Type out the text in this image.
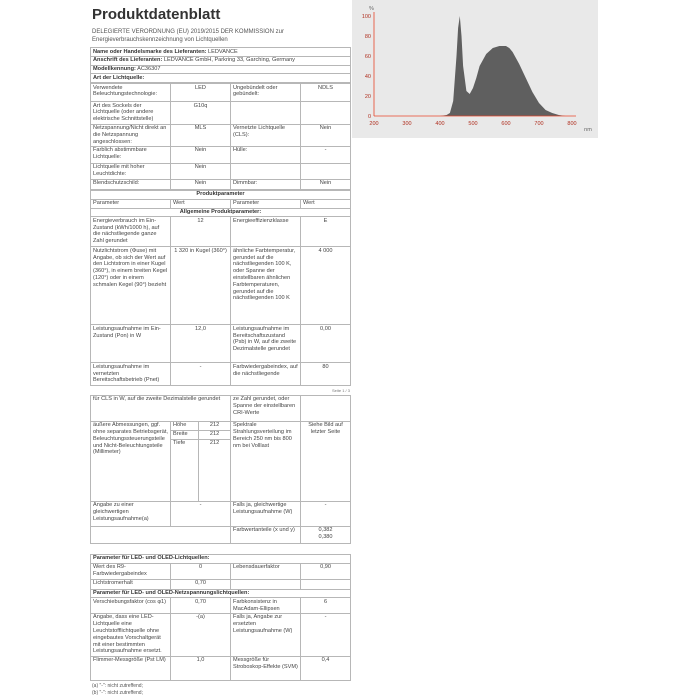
Produktdatenblatt
DELEGIERTE VERORDNUNG (EU) 2019/2015 DER KOMMISSION zur Energieverbrauchskennzeichnung von Lichtquellen
Name oder Handelsmarke des Lieferanten: LEDVANCE
Anschrift des Lieferanten: LEDVANCE GmbH, Parkring 33, Garching, Germany
Modellkennung: AC36307
Art der Lichtquelle:
Verwendete Beleuchtungstechnologie:	LED	Ungebündelt oder gebündelt:	NDLS
Art des Sockels der Lichtquelle (oder andere elektrische Schnittstelle)	G10q		
Netzspannung/Nicht direkt an die Netzspannung angeschlossen:	MLS	Vernetzte Lichtquelle (CLS):	Nein
Farblich abstimmbare Lichtquelle:	Nein	Hülle:	-
Lichtquelle mit hoher Leuchtdichte:	Nein		
Blendschutzschild:	Nein	Dimmbar:	Nein
Produktparameter			
Parameter	Wert	Parameter	Wert
Allgemeine Produktparameter:			
Energieverbrauch im Ein-Zustand (kWh/1000 h), auf die nächstliegende ganze Zahl gerundet	12	Energieeffizienzklasse	E
Nutzlichtstrom (Φuse) mit Angabe, ob sich der Wert auf den Lichtstrom in einer Kugel (360°), in einem breiten Kegel (120°) oder in einem schmalen Kegel (90°) bezieht	1 320 in Kugel (360°)	ähnliche Farbtemperatur, gerundet auf die nächstliegenden 100 K, oder Spanne der einstellbaren ähnlichen Farbtemperaturen, gerundet auf die nächstliegenden 100 K	4 000
Leistungsaufnahme im Ein-Zustand (Pon) in W	12,0	Leistungsaufnahme im Bereitschaftszustand (Psb) in W, auf die zweite Dezimalstelle gerundet	0,00
Leistungsaufnahme im vernetzten Bereitschaftsbetrieb (Pnet)	-	Farbwiedergabeindex, auf die nächstliegende	80
Seite 1 / 3
für CLS in W, auf die zweite Dezimalstelle gerundet			ze Zahl gerundet, oder Spanne der einstellbaren CRI-Werte	
äußere Abmessungen, ggf. ohne separates Betriebsgerät, Beleuchtungssteuerungsteile und Nicht-Beleuchtungsteile (Millimeter)	Höhe	212	Spektrale Strahlungsverteilung im Bereich 250 nm bis 800 nm bei Volllast	Siehe Bild auf letzter Seite
	Breite	212		
	Tiefe	212		
Angabe zu einer gleichwertigen Leistungsaufnahme(a)	-		Falls ja, gleichwertige Leistungsaufnahme (W)	-
			Farbwertanteile (x und y)	0,382
0,380

Parameter für LED- und OLED-Lichtquellen:				
Wert des R9-Farbwiedergabeindex	0		Lebensdauerfaktor	0,90
Lichtstromerhalt	0,70			
Parameter für LED- und OLED-Netzspannungslichtquellen:				
Verschiebungsfaktor (cos φ1)	0,70		Farbkonsistenz in MacAdam-Ellipsen	6
Angabe, dass eine LED-Lichtquelle eine Leuchtstofflichtquelle ohne eingebautes Vorschaltgerät mit einer bestimmten Leistungsaufnahme ersetzt.	-(a)		Falls ja, Angabe zur ersetzten Leistungsaufnahme (W)	-
Flimmer-Messgröße (Pst LM)	1,0		Messgröße für Stroboskop-Effekte (SVM)	0,4
(a) "-": nicht zutreffend;
(b) "-": nicht zutreffend;
0
20
40
60
80
100
200	300	400	500	600	700	800
%
nm
